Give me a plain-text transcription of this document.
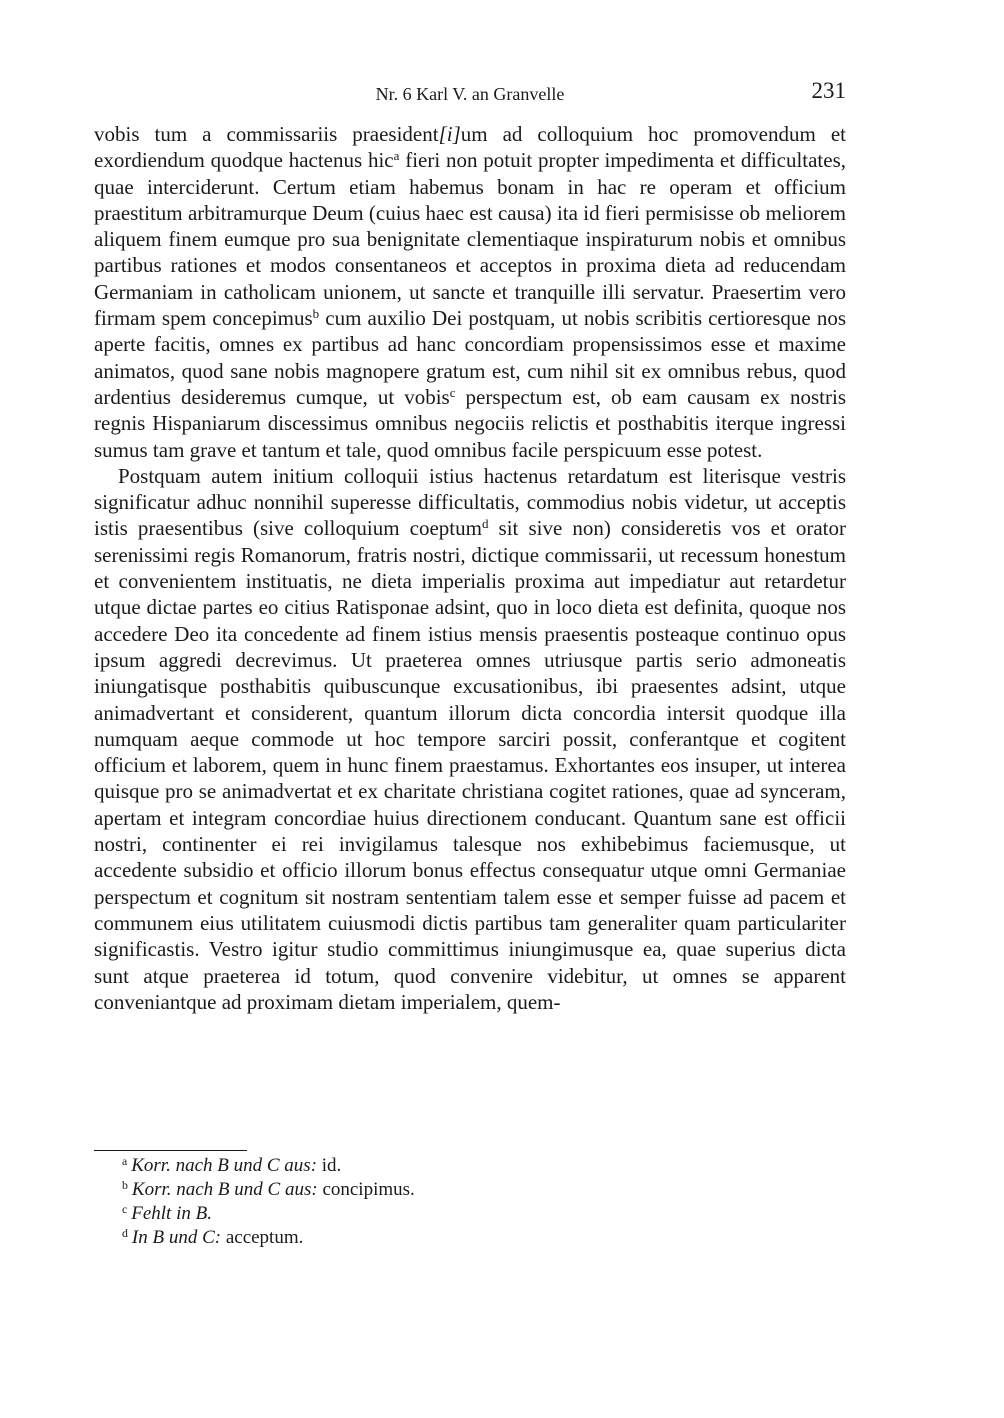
Nr. 6 Karl V. an Granvelle	231

vobis tum a commissariis praesident[i]um ad colloquium hoc promovendum et exordiendum quodque hactenus hic$^a$ fieri non potuit propter impedimenta et difficultates, quae interciderunt. Certum etiam habemus bonam in hac re operam et officium praestitum arbitramurque Deum (cuius haec est causa) ita id fieri permisisse ob meliorem aliquem finem eumque pro sua benignitate clementiaque inspiraturum nobis et omnibus partibus rationes et modos consentaneos et acceptos in proxima dieta ad reducendam Germaniam in catholicam unionem, ut sancte et tranquille illi servatur. Praesertim vero firmam spem concepimus$^b$ cum auxilio Dei postquam, ut nobis scribitis certioresque nos aperte facitis, omnes ex partibus ad hanc concordiam propensissimos esse et maxime animatos, quod sane nobis magnopere gratum est, cum nihil sit ex omnibus rebus, quod ardentius desideremus cumque, ut vobis$^c$ perspectum est, ob eam causam ex nostris regnis Hispaniarum discessimus omnibus negociis relictis et posthabitis iterque ingressi sumus tam grave et tantum et tale, quod omnibus facile perspicuum esse potest.

Postquam autem initium colloquii istius hactenus retardatum est literisque vestris significatur adhuc nonnihil superesse difficultatis, commodius nobis videtur, ut acceptis istis praesentibus (sive colloquium coeptum$^d$ sit sive non) consideretis vos et orator serenissimi regis Romanorum, fratris nostri, dictique commissarii, ut recessum honestum et convenientem instituatis, ne dieta imperialis proxima aut impediatur aut retardetur utque dictae partes eo citius Ratisponae adsint, quo in loco dieta est definita, quoque nos accedere Deo ita concedente ad finem istius mensis praesentis posteaque continuo opus ipsum aggredi decrevimus. Ut praeterea omnes utriusque partis serio admoneatis iniungatisque posthabitis quibuscunque excusationibus, ibi praesentes adsint, utque animadvertant et considerent, quantum illorum dicta concordia intersit quodque illa numquam aeque commode ut hoc tempore sarciri possit, conferantque et cogitent officium et laborem, quem in hunc finem praestamus. Exhortantes eos insuper, ut interea quisque pro se animadvertat et ex charitate christiana cogitet rationes, quae ad synceram, apertam et integram concordiae huius directionem conducant. Quantum sane est officii nostri, continenter ei rei invigilamus talesque nos exhibebimus faciemusque, ut accedente subsidio et officio illorum bonus effectus consequatur utque omni Germaniae perspectum et cognitum sit nostram sententiam talem esse et semper fuisse ad pacem et communem eius utilitatem cuiusmodi dictis partibus tam generaliter quam particulariter significastis. Vestro igitur studio committimus iniungimusque ea, quae superius dicta sunt atque praeterea id totum, quod convenire videbitur, ut omnes se apparent conveniantque ad proximam dietam imperialem, quem-

$^a$ Korr. nach B und C aus: id.
$^b$ Korr. nach B und C aus: concipimus.
$^c$ Fehlt in B.
$^d$ In B und C: acceptum.
